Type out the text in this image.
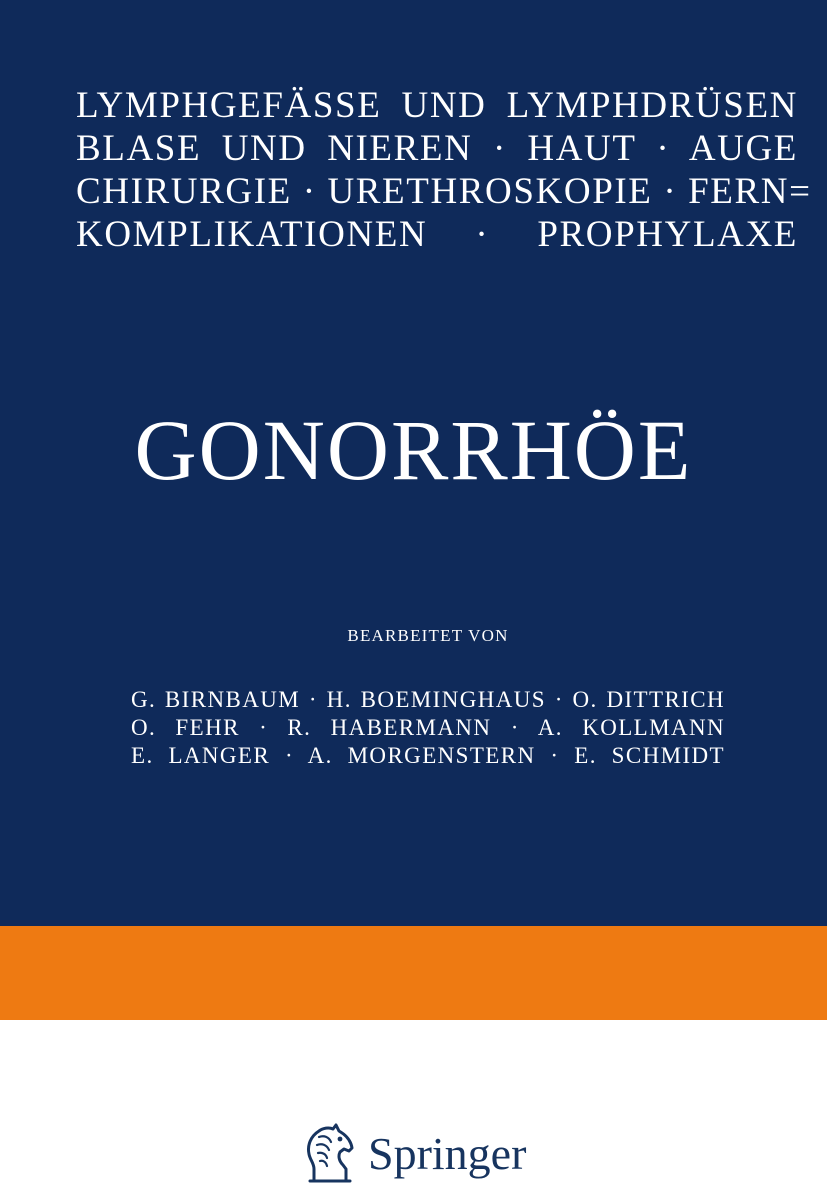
LYMPHGEFÄSSE UND LYMPHDRÜSEN
BLASE UND NIEREN · HAUT · AUGE
CHIRURGIE · URETHROSKOPIE · FERN=
KOMPLIKATIONEN · PROPHYLAXE
GONORRHÖE
BEARBEITET VON
G. BIRNBAUM · H. BOEMINGHAUS · O. DITTRICH
O. FEHR · R. HABERMANN · A. KOLLMANN
E. LANGER · A. MORGENSTERN · E. SCHMIDT
Springer
